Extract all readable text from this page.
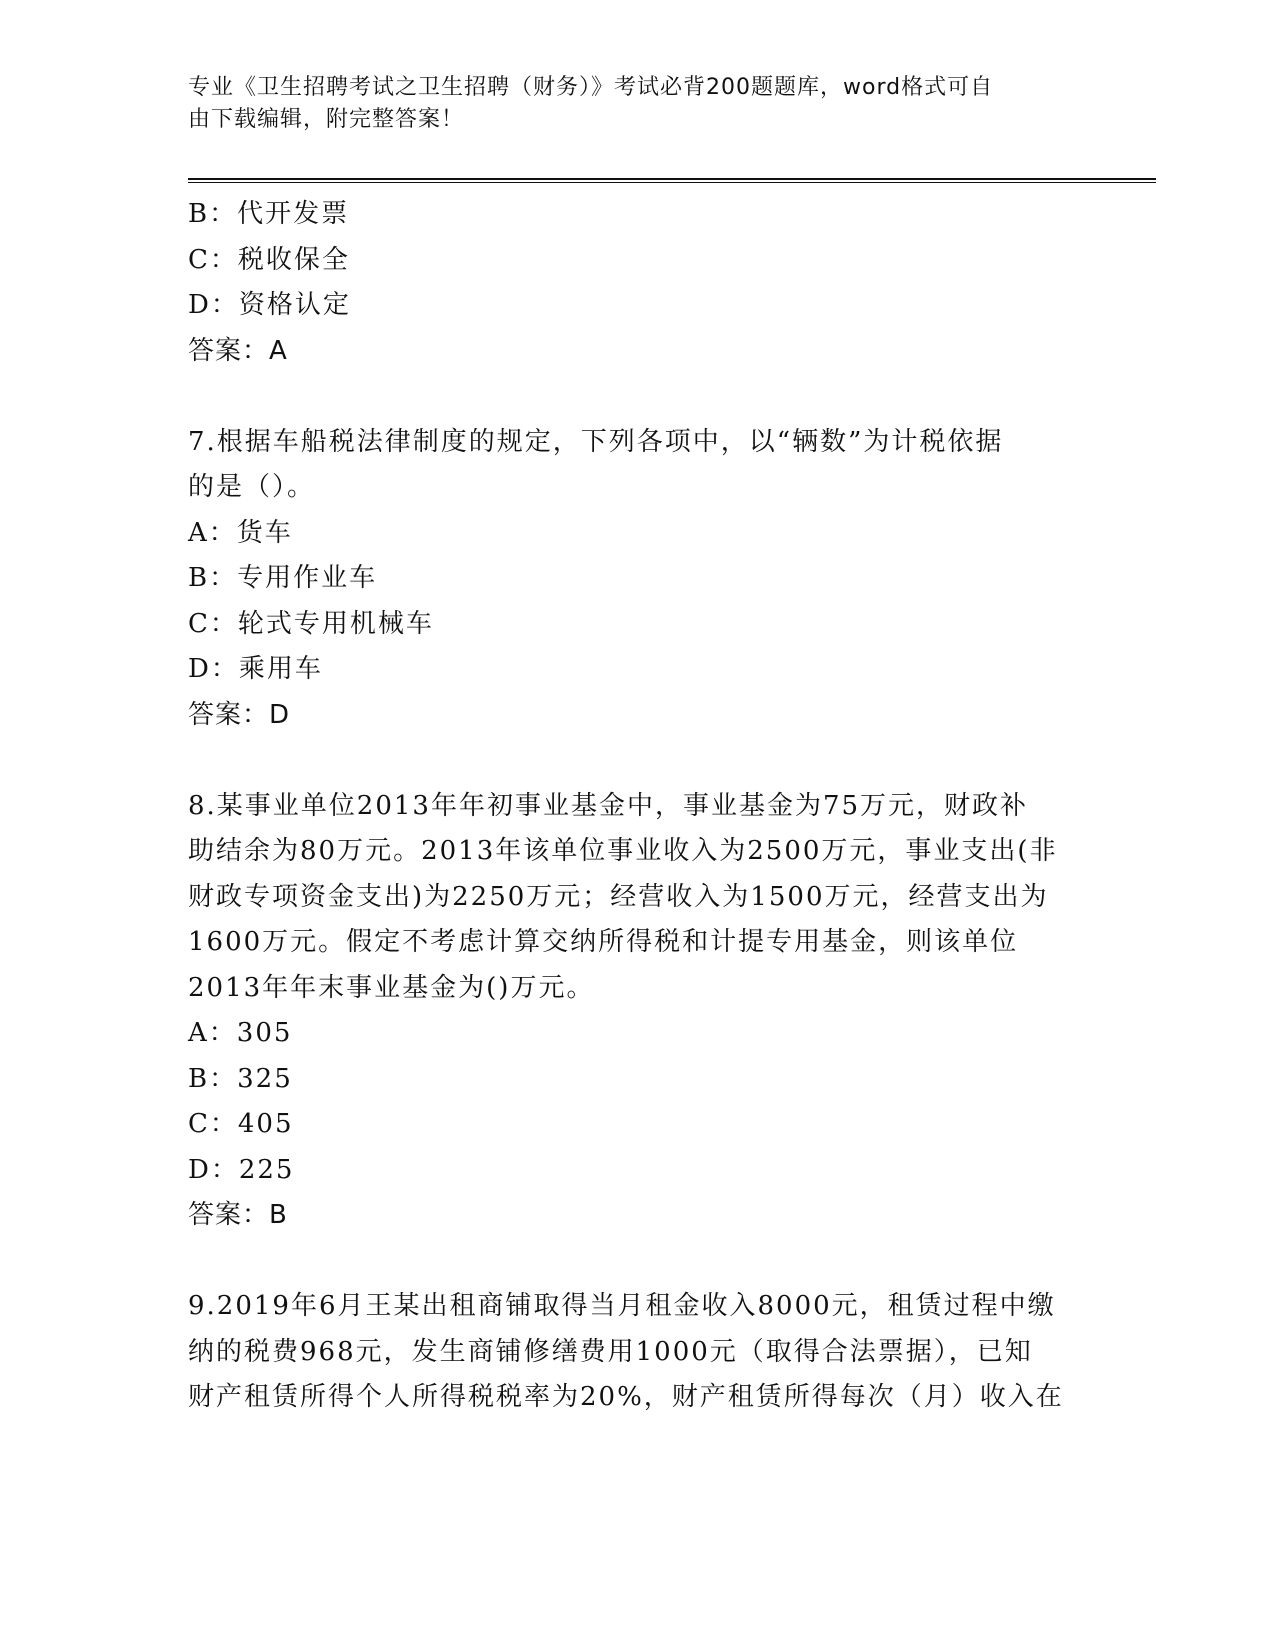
专业《卫生招聘考试之卫生招聘（财务）》考试必背200题题库，word格式可自
由下载编辑，附完整答案！
B：代开发票
C：税收保全
D：资格认定
答案：A
7.根据车船税法律制度的规定，下列各项中，以“辆数”为计税依据
的是（）。
A：货车
B：专用作业车
C：轮式专用机械车
D：乘用车
答案：D
8.某事业单位2013年年初事业基金中，事业基金为75万元，财政补
助结余为80万元。2013年该单位事业收入为2500万元，事业支出(非
财政专项资金支出)为2250万元；经营收入为1500万元，经营支出为
1600万元。假定不考虑计算交纳所得税和计提专用基金，则该单位
2013年年末事业基金为()万元。
A：305
B：325
C：405
D：225
答案：B
9.2019年6月王某出租商铺取得当月租金收入8000元，租赁过程中缴
纳的税费968元，发生商铺修缮费用1000元（取得合法票据），已知
财产租赁所得个人所得税税率为20%，财产租赁所得每次（月）收入在
